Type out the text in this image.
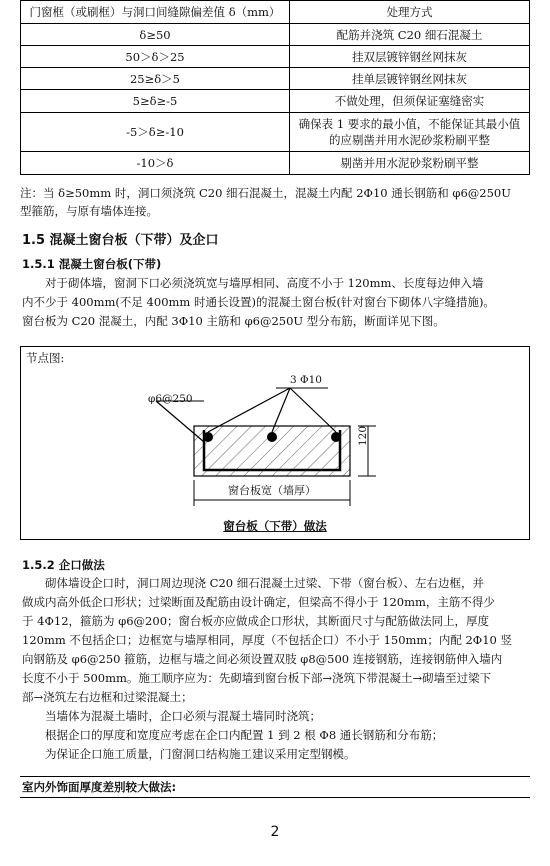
门窗框（或刷框）与洞口间缝隙偏差值 δ（mm）	处理方式
δ≥50	配筋并浇筑 C20 细石混凝土
50＞δ＞25	挂双层镀锌钢丝网抹灰
25≥δ＞5	挂单层镀锌钢丝网抹灰
5≥δ≥-5	不做处理，但须保证塞缝密实
-5＞δ≥-10	确保表 1 要求的最小值，不能保证其最小值
的应剔凿并用水泥砂浆粉刷平整

-10＞δ	剔凿并用水泥砂浆粉刷平整
注：当 δ≥50mm 时，洞口须浇筑 C20 细石混凝土，混凝土内配 2Φ10 通长钢筋和 φ6@250U
型箍筋，与原有墙体连接。
1.5 混凝土窗台板（下带）及企口
1.5.1 混凝土窗台板(下带)
对于砌体墙，窗洞下口必须浇筑宽与墙厚相同、高度不小于 120mm、长度每边伸入墙
内不少于 400mm(不足 400mm 时通长设置)的混凝土窗台板(针对窗台下砌体八字缝措施)。
窗台板为 C20 混凝土，内配 3Φ10 主筋和 φ6@250U 型分布筋，断面详见下图。
节点图:
φ6@250
3 Φ10
120
窗台板宽（墙厚）
窗台板（下带）做法
1.5.2 企口做法
砌体墙设企口时，洞口周边现浇 C20 细石混凝土过梁、下带（窗台板）、左右边框，并
做成内高外低企口形状；过梁断面及配筋由设计确定，但梁高不得小于 120mm，主筋不得少
于 4Φ12，箍筋为 φ6@200；窗台板亦应做成企口形状，其断面尺寸与配筋做法同上，厚度
120mm 不包括企口；边框宽与墙厚相同，厚度（不包括企口）不小于 150mm；内配 2Φ10 竖
向钢筋及 φ6@250 箍筋，边框与墙之间必须设置双肢 φ8@500 连接钢筋，连接钢筋伸入墙内
长度不小于 500mm。施工顺序应为：先砌墙到窗台板下部→浇筑下带混凝土→砌墙至过梁下
部→浇筑左右边框和过梁混凝土；
当墙体为混凝土墙时，企口必须与混凝土墙同时浇筑；
根据企口的厚度和宽度应考虑在企口内配置 1 到 2 根 Φ8 通长钢筋和分布筋；
为保证企口施工质量，门窗洞口结构施工建议采用定型钢模。
室内外饰面厚度差别较大做法:
2
